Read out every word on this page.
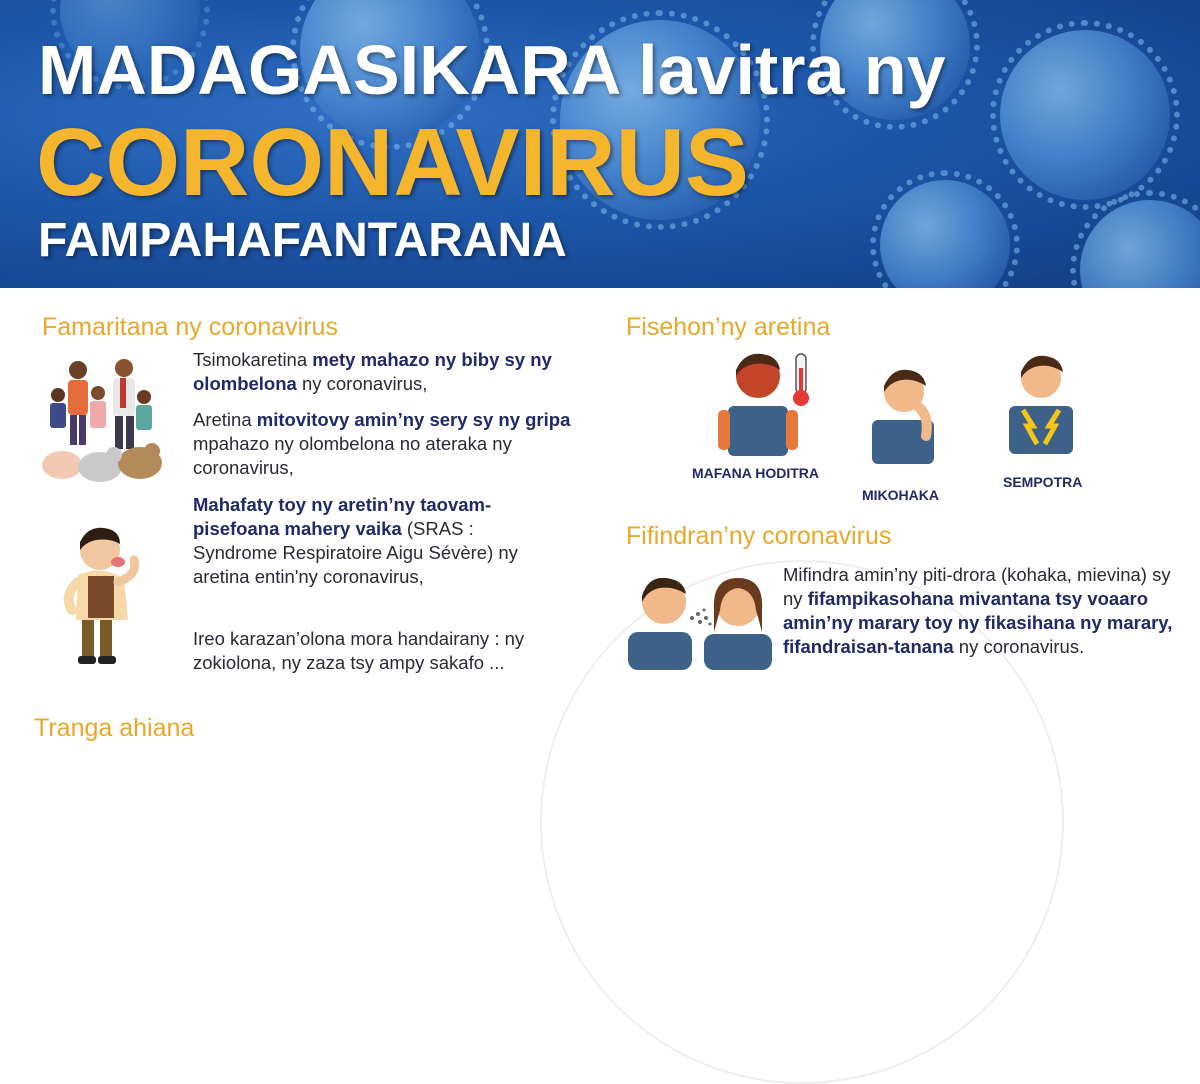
MADAGASIKARA lavitra ny
CORONAVIRUS
FAMPAHAFANTARANA
Famaritana ny coronavirus

Tsimokaretina mety mahazo ny biby sy ny olombelona ny coronavirus,

Aretina mitovitovy amin’ny sery sy ny gripa mpahazo ny olombelona no ateraka ny coronavirus,

Mahafaty toy ny aretin’ny taovam-pisefoana mahery vaika (SRAS : Syndrome Respiratoire Aigu Sévère) ny aretina entin'ny coronavirus,

Ireo karazan’olona mora handairany : ny zokiolona, ny zaza tsy ampy sakafo ...

Tranga ahiana
Fisehon’ny aretina

MAFANA HODITRA

MIKOHAKA

SEMPOTRA

Fifindran’ny coronavirus

Mifindra amin’ny piti-drora (kohaka, mievina) sy ny fifampikasohana mivantana tsy voaaro amin’ny marary toy ny fikasihana ny marary, fifandraisan-tanana ny coronavirus.
